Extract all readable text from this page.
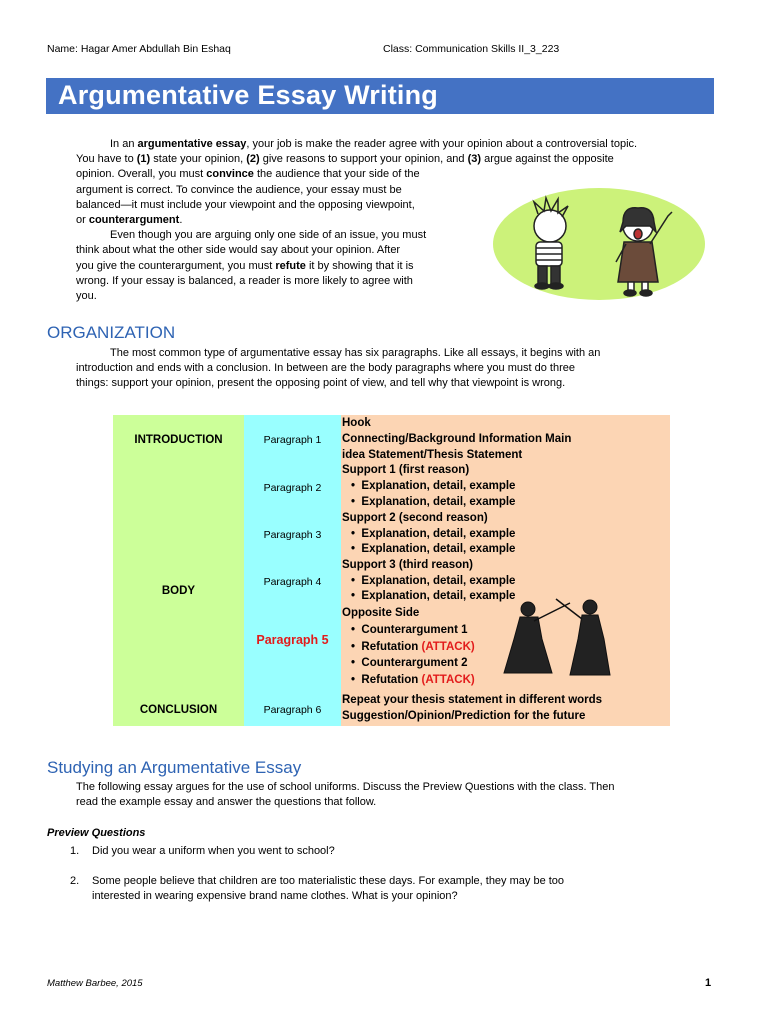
Name: Hagar Amer Abdullah Bin Eshaq	Class: Communication Skills II_3_223
Argumentative Essay Writing
In an argumentative essay, your job is make the reader agree with your opinion about a controversial topic.
You have to (1) state your opinion, (2) give reasons to support your opinion, and (3) argue against the opposite
opinion. Overall, you must convince the audience that your side of the
argument is correct. To convince the audience, your essay must be
balanced—it must include your viewpoint and the opposing viewpoint,
or counterargument.
Even though you are arguing only one side of an issue, you must
think about what the other side would say about your opinion. After
you give the counterargument, you must refute it by showing that it is
wrong. If your essay is balanced, a reader is more likely to agree with
you.
ORGANIZATION
The most common type of argumentative essay has six paragraphs. Like all essays, it begins with an
introduction and ends with a conclusion. In between are the body paragraphs where you must do three
things: support your opinion, present the opposing point of view, and tell why that viewpoint is wrong.
INTRODUCTION
BODY
CONCLUSION
Paragraph 1
Paragraph 2
Paragraph 3
Paragraph 4
Paragraph 5
Paragraph 6
Hook
Connecting/Background Information Main
idea Statement/Thesis Statement
Support 1 (first reason)
•  Explanation, detail, example
•  Explanation, detail, example
Support 2 (second reason)
•  Explanation, detail, example
•  Explanation, detail, example
Support 3 (third reason)
•  Explanation, detail, example
•  Explanation, detail, example
Opposite Side
•  Counterargument 1
•  Refutation (ATTACK)
•  Counterargument 2
•  Refutation (ATTACK)
Repeat your thesis statement in different words
Suggestion/Opinion/Prediction for the future
Studying an Argumentative Essay
The following essay argues for the use of school uniforms. Discuss the Preview Questions with the class. Then
read the example essay and answer the questions that follow.
Preview Questions
1. Did you wear a uniform when you went to school?
2. Some people believe that children are too materialistic these days. For example, they may be too
interested in wearing expensive brand name clothes. What is your opinion?
Matthew Barbee, 2015	1
